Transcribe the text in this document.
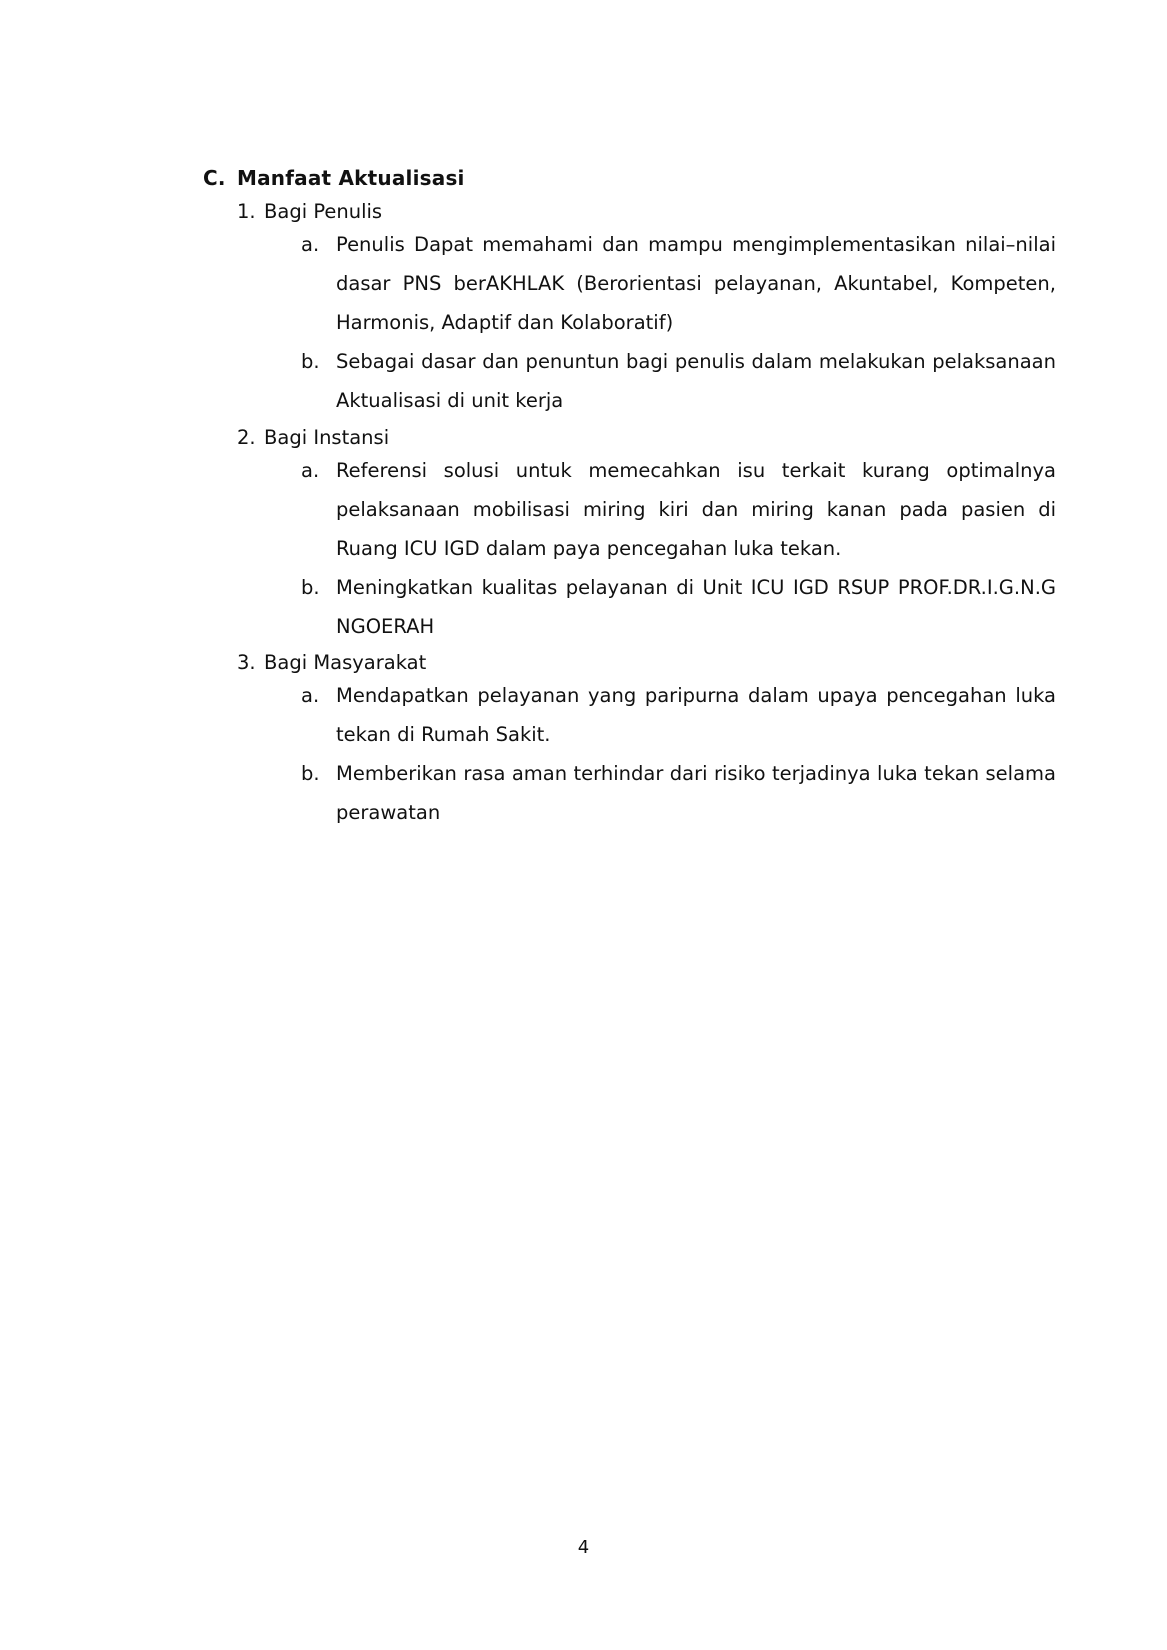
C. Manfaat Aktualisasi
1. Bagi Penulis
a. Penulis Dapat memahami dan mampu mengimplementasikan nilai–nilai dasar PNS berAKHLAK (Berorientasi pelayanan, Akuntabel, Kompeten, Harmonis, Adaptif dan Kolaboratif)
b. Sebagai dasar dan penuntun bagi penulis dalam melakukan pelaksanaan Aktualisasi di unit kerja
2. Bagi Instansi
a. Referensi solusi untuk memecahkan isu terkait kurang optimalnya pelaksanaan mobilisasi miring kiri dan miring kanan pada pasien di Ruang ICU IGD dalam paya pencegahan luka tekan.
b. Meningkatkan kualitas pelayanan di Unit ICU IGD RSUP PROF.DR.I.G.N.G NGOERAH
3. Bagi Masyarakat
a. Mendapatkan pelayanan yang paripurna dalam upaya pencegahan luka tekan di Rumah Sakit.
b. Memberikan rasa aman terhindar dari risiko terjadinya luka tekan selama perawatan
4
